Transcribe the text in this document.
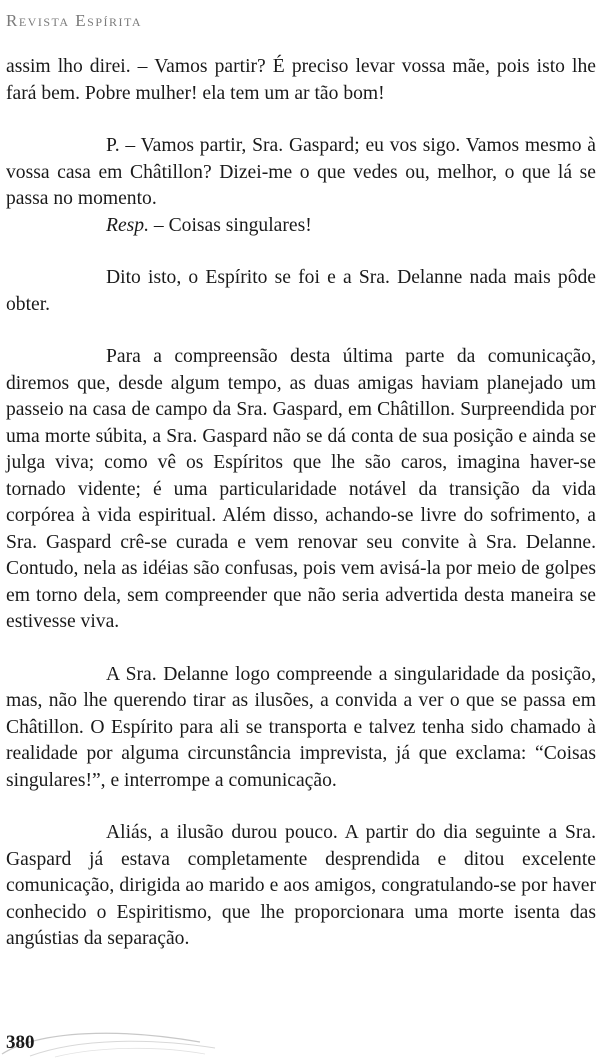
Revista Espírita

assim lho direi. – Vamos partir? É preciso levar vossa mãe, pois isto lhe fará bem. Pobre mulher! ela tem um ar tão bom!

P. – Vamos partir, Sra. Gaspard; eu vos sigo. Vamos mesmo à vossa casa em Châtillon? Dizei-me o que vedes ou, melhor, o que lá se passa no momento.

Resp. – Coisas singulares!

Dito isto, o Espírito se foi e a Sra. Delanne nada mais pôde obter.

Para a compreensão desta última parte da comunicação, diremos que, desde algum tempo, as duas amigas haviam planejado um passeio na casa de campo da Sra. Gaspard, em Châtillon. Surpreendida por uma morte súbita, a Sra. Gaspard não se dá conta de sua posição e ainda se julga viva; como vê os Espíritos que lhe são caros, imagina haver-se tornado vidente; é uma particularidade notável da transição da vida corpórea à vida espiritual. Além disso, achando-se livre do sofrimento, a Sra. Gaspard crê-se curada e vem renovar seu convite à Sra. Delanne. Contudo, nela as idéias são confusas, pois vem avisá-la por meio de golpes em torno dela, sem compreender que não seria advertida desta maneira se estivesse viva.

A Sra. Delanne logo compreende a singularidade da posição, mas, não lhe querendo tirar as ilusões, a convida a ver o que se passa em Châtillon. O Espírito para ali se transporta e talvez tenha sido chamado à realidade por alguma circunstância imprevista, já que exclama: “Coisas singulares!”, e interrompe a comunicação.

Aliás, a ilusão durou pouco. A partir do dia seguinte a Sra. Gaspard já estava completamente desprendida e ditou excelente comunicação, dirigida ao marido e aos amigos, congratulando-se por haver conhecido o Espiritismo, que lhe proporcionara uma morte isenta das angústias da separação.

380
